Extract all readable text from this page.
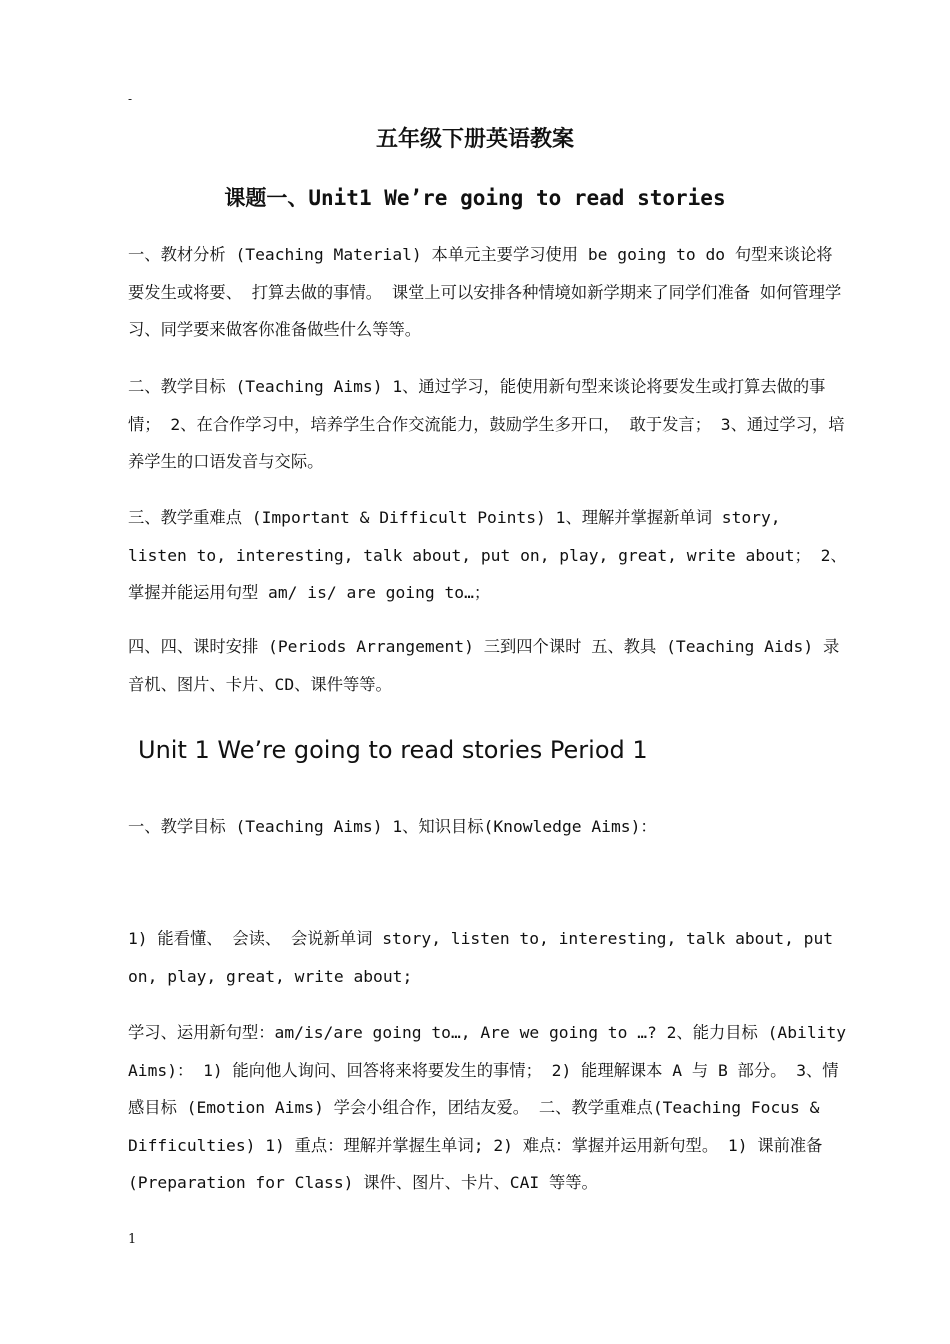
-
五年级下册英语教案
课题一、Unit1 We’re going to read stories
一、教材分析 (Teaching Material) 本单元主要学习使用 be going to do 句型来谈论将要发生或将要、 打算去做的事情。 课堂上可以安排各种情境如新学期来了同学们准备 如何管理学习、同学要来做客你准备做些什么等等。
二、教学目标 (Teaching Aims) 1、通过学习，能使用新句型来谈论将要发生或打算去做的事情； 2、在合作学习中，培养学生合作交流能力，鼓励学生多开口， 敢于发言； 3、通过学习，培养学生的口语发音与交际。
三、教学重难点 (Important & Difficult Points) 1、理解并掌握新单词 story, listen to, interesting, talk about, put on, play, great, write about； 2、掌握并能运用句型 am/ is/ are going to…；
四、四、课时安排 (Periods Arrangement) 三到四个课时 五、教具 (Teaching Aids) 录音机、图片、卡片、CD、课件等等。
Unit 1 We’re going to read stories Period 1
一、教学目标 (Teaching Aims) 1、知识目标(Knowledge Aims)：
1) 能看懂、 会读、 会说新单词 story, listen to, interesting, talk about, put on, play, great, write about;
学习、运用新句型：am/is/are going to…, Are we going to …? 2、能力目标 (Ability Aims)： 1) 能向他人询问、回答将来将要发生的事情； 2) 能理解课本 A 与 B 部分。 3、情感目标 (Emotion Aims) 学会小组合作，团结友爱。 二、教学重难点(Teaching Focus & Difficulties) 1) 重点：理解并掌握生单词; 2) 难点：掌握并运用新句型。 1) 课前准备(Preparation for Class) 课件、图片、卡片、CAI 等等。
1
